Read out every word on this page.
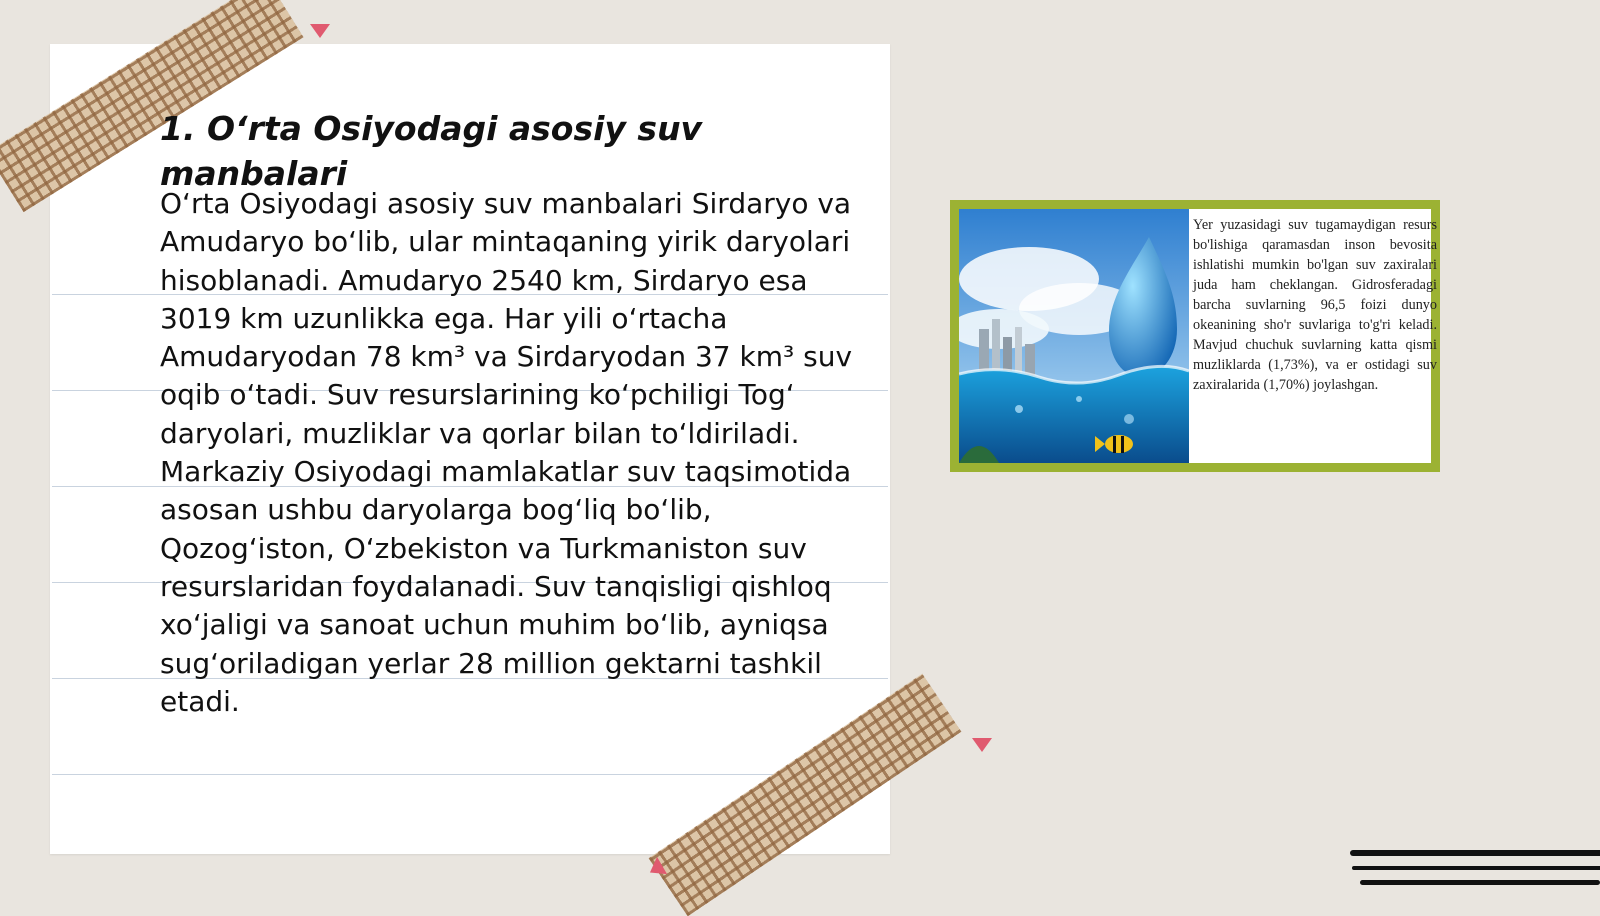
1. O‘rta Osiyodagi asosiy suv manbalari

O‘rta Osiyodagi asosiy suv manbalari Sirdaryo va Amudaryo bo‘lib, ular mintaqaning yirik daryolari hisoblanadi. Amudaryo 2540 km, Sirdaryo esa 3019 km uzunlikka ega. Har yili o‘rtacha Amudaryodan 78 km³ va Sirdaryodan 37 km³ suv oqib o‘tadi. Suv resurslarining ko‘pchiligi Tog‘ daryolari, muzliklar va qorlar bilan to‘ldiriladi. Markaziy Osiyodagi mamlakatlar suv taqsimotida asosan ushbu daryolarga bog‘liq bo‘lib, Qozog‘iston, O‘zbekiston va Turkmaniston suv resurslaridan foydalanadi. Suv tanqisligi qishloq xo‘jaligi va sanoat uchun muhim bo‘lib, ayniqsa sug‘oriladigan yerlar 28 million gektarni tashkil etadi.

Yer yuzasidagi suv tugamaydigan resurs bo'lishiga qaramasdan inson bevosita ishlatishi mumkin bo'lgan suv zaxiralari juda ham cheklangan. Gidrosferadagi barcha suvlarning 96,5 foizi dunyo okeanining sho'r suvlariga to'g'ri keladi. Mavjud chuchuk suvlarning katta qismi muzliklarda (1,73%), va er ostidagi suv zaxiralarida (1,70%) joylashgan.
